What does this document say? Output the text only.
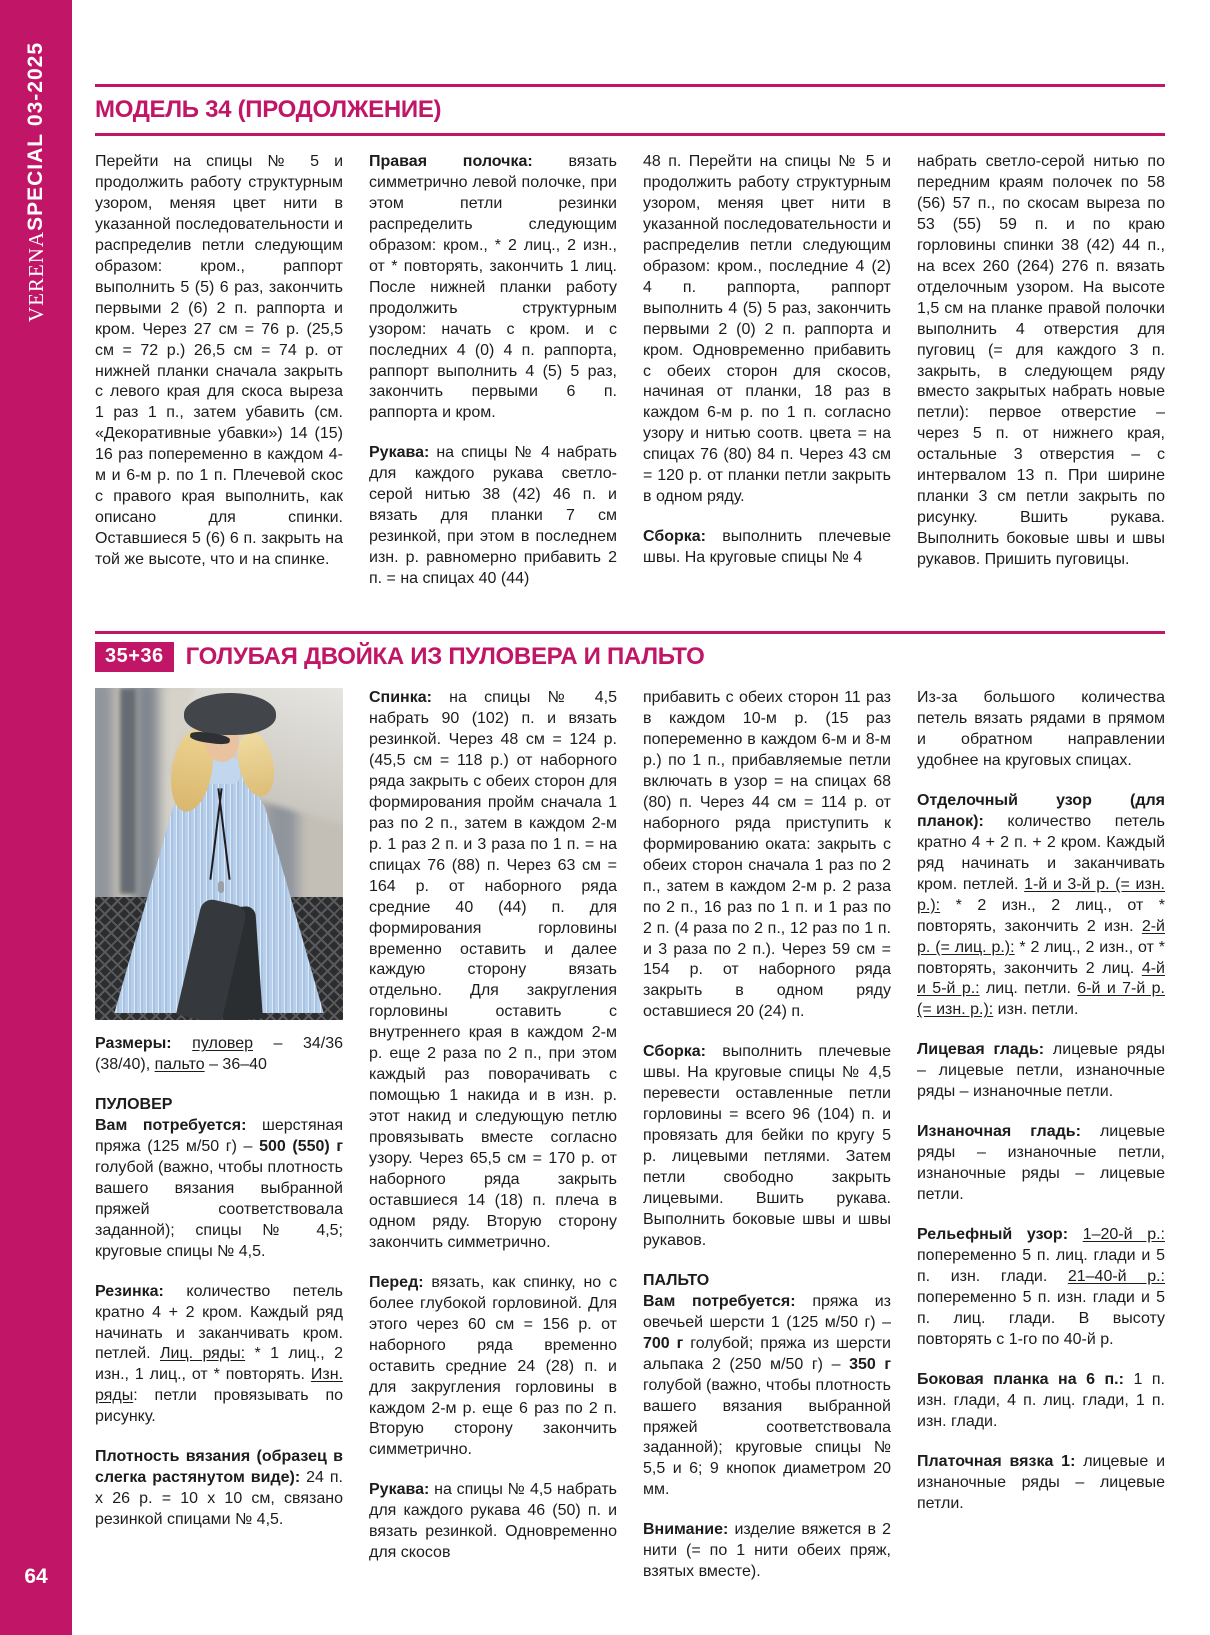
VERENASPECIAL 03-2025
64
МОДЕЛЬ 34 (ПРОДОЛЖЕНИЕ)

Перейти на спицы № 5 и продолжить работу структурным узором, меняя цвет нити в указанной последовательности и распределив петли следующим образом: кром., раппорт выполнить 5 (5) 6 раз, закончить первыми 2 (6) 2 п. раппорта и кром. Через 27 см = 76 р. (25,5 см = 72 р.) 26,5 см = 74 р. от нижней планки сначала закрыть с левого края для скоса выреза 1 раз 1 п., затем убавить (см. «Декоративные убавки») 14 (15) 16 раз попеременно в каждом 4-м и 6-м р. по 1 п. Плечевой скос с правого края выполнить, как описано для спинки. Оставшиеся 5 (6) 6 п. закрыть на той же высоте, что и на спинке.

Правая полочка: вязать симметрично левой полочке, при этом петли резинки распределить следующим образом: кром., * 2 лиц., 2 изн., от * повторять, закончить 1 лиц. После нижней планки работу продолжить структурным узором: начать с кром. и с последних 4 (0) 4 п. раппорта, раппорт выполнить 4 (5) 5 раз, закончить первыми 6 п. раппорта и кром.

Рукава: на спицы № 4 набрать для каждого рукава светло-серой нитью 38 (42) 46 п. и вязать для планки 7 см резинкой, при этом в последнем изн. р. равномерно прибавить 2 п. = на спицах 40 (44)

48 п. Перейти на спицы № 5 и продолжить работу структурным узором, меняя цвет нити в указанной последовательности и распределив петли следующим образом: кром., последние 4 (2) 4 п. раппорта, раппорт выполнить 4 (5) 5 раз, закончить первыми 2 (0) 2 п. раппорта и кром. Одновременно прибавить с обеих сторон для скосов, начиная от планки, 18 раз в каждом 6-м р. по 1 п. согласно узору и нитью соотв. цвета = на спицах 76 (80) 84 п. Через 43 см = 120 р. от планки петли закрыть в одном ряду.

Сборка: выполнить плечевые швы. На круговые спицы № 4

набрать светло-серой нитью по передним краям полочек по 58 (56) 57 п., по скосам выреза по 53 (55) 59 п. и по краю горловины спинки 38 (42) 44 п., на всех 260 (264) 276 п. вязать отделочным узором. На высоте 1,5 см на планке правой полочки выполнить 4 отверстия для пуговиц (= для каждого 3 п. закрыть, в следующем ряду вместо закрытых набрать новые петли): первое отверстие – через 5 п. от нижнего края, остальные 3 отверстия – с интервалом 13 п. При ширине планки 3 см петли закрыть по рисунку. Вшить рукава. Выполнить боковые швы и швы рукавов. Пришить пуговицы.

35+36 ГОЛУБАЯ ДВОЙКА ИЗ ПУЛОВЕРА И ПАЛЬТО

Размеры: пуловер – 34/36 (38/40), пальто – 36–40

ПУЛОВЕР

Вам потребуется: шерстяная пряжа (125 м/50 г) – 500 (550) г голубой (важно, чтобы плотность вашего вязания выбранной пряжей соответствовала заданной); спицы № 4,5; круговые спицы № 4,5.

Резинка: количество петель кратно 4 + 2 кром. Каждый ряд начинать и заканчивать кром. петлей. Лиц. ряды: * 1 лиц., 2 изн., 1 лиц., от * повторять. Изн. ряды: петли провязывать по рисунку.

Плотность вязания (образец в слегка растянутом виде): 24 п. х 26 р. = 10 х 10 см, связано резинкой спицами № 4,5.

Спинка: на спицы № 4,5 набрать 90 (102) п. и вязать резинкой. Через 48 см = 124 р. (45,5 см = 118 р.) от наборного ряда закрыть с обеих сторон для формирования пройм сначала 1 раз по 2 п., затем в каждом 2-м р. 1 раз 2 п. и 3 раза по 1 п. = на спицах 76 (88) п. Через 63 см = 164 р. от наборного ряда средние 40 (44) п. для формирования горловины временно оставить и далее каждую сторону вязать отдельно. Для закругления горловины оставить с внутреннего края в каждом 2-м р. еще 2 раза по 2 п., при этом каждый раз поворачивать с помощью 1 накида и в изн. р. этот накид и следующую петлю провязывать вместе согласно узору. Через 65,5 см = 170 р. от наборного ряда закрыть оставшиеся 14 (18) п. плеча в одном ряду. Вторую сторону закончить симметрично.

Перед: вязать, как спинку, но с более глубокой горловиной. Для этого через 60 см = 156 р. от наборного ряда временно оставить средние 24 (28) п. и для закругления горловины в каждом 2-м р. еще 6 раз по 2 п. Вторую сторону закончить симметрично.

Рукава: на спицы № 4,5 набрать для каждого рукава 46 (50) п. и вязать резинкой. Одновременно для скосов

прибавить с обеих сторон 11 раз в каждом 10-м р. (15 раз попеременно в каждом 6-м и 8-м р.) по 1 п., прибавляемые петли включать в узор = на спицах 68 (80) п. Через 44 см = 114 р. от наборного ряда приступить к формированию оката: закрыть с обеих сторон сначала 1 раз по 2 п., затем в каждом 2-м р. 2 раза по 2 п., 16 раз по 1 п. и 1 раз по 2 п. (4 раза по 2 п., 12 раз по 1 п. и 3 раза по 2 п.). Через 59 см = 154 р. от наборного ряда закрыть в одном ряду оставшиеся 20 (24) п.

Сборка: выполнить плечевые швы. На круговые спицы № 4,5 перевести оставленные петли горловины = всего 96 (104) п. и провязать для бейки по кругу 5 р. лицевыми петлями. Затем петли свободно закрыть лицевыми. Вшить рукава. Выполнить боковые швы и швы рукавов.

ПАЛЬТО

Вам потребуется: пряжа из овечьей шерсти 1 (125 м/50 г) – 700 г голубой; пряжа из шерсти альпака 2 (250 м/50 г) – 350 г голубой (важно, чтобы плотность вашего вязания выбранной пряжей соответствовала заданной); круговые спицы № 5,5 и 6; 9 кнопок диаметром 20 мм.

Внимание: изделие вяжется в 2 нити (= по 1 нити обеих пряж, взятых вместе).

Из-за большого количества петель вязать рядами в прямом и обратном направлении удобнее на круговых спицах.

Отделочный узор (для планок): количество петель кратно 4 + 2 п. + 2 кром. Каждый ряд начинать и заканчивать кром. петлей. 1-й и 3-й р. (= изн. р.): * 2 изн., 2 лиц., от * повторять, закончить 2 изн. 2-й р. (= лиц. р.): * 2 лиц., 2 изн., от * повторять, закончить 2 лиц. 4-й и 5-й р.: лиц. петли. 6-й и 7-й р. (= изн. р.): изн. петли.

Лицевая гладь: лицевые ряды – лицевые петли, изнаночные ряды – изнаночные петли.

Изнаночная гладь: лицевые ряды – изнаночные петли, изнаночные ряды – лицевые петли.

Рельефный узор: 1–20-й р.: попеременно 5 п. лиц. глади и 5 п. изн. глади. 21–40-й р.: попеременно 5 п. изн. глади и 5 п. лиц. глади. В высоту повторять с 1-го по 40-й р.

Боковая планка на 6 п.: 1 п. изн. глади, 4 п. лиц. глади, 1 п. изн. глади.

Платочная вязка 1: лицевые и изнаночные ряды – лицевые петли.
